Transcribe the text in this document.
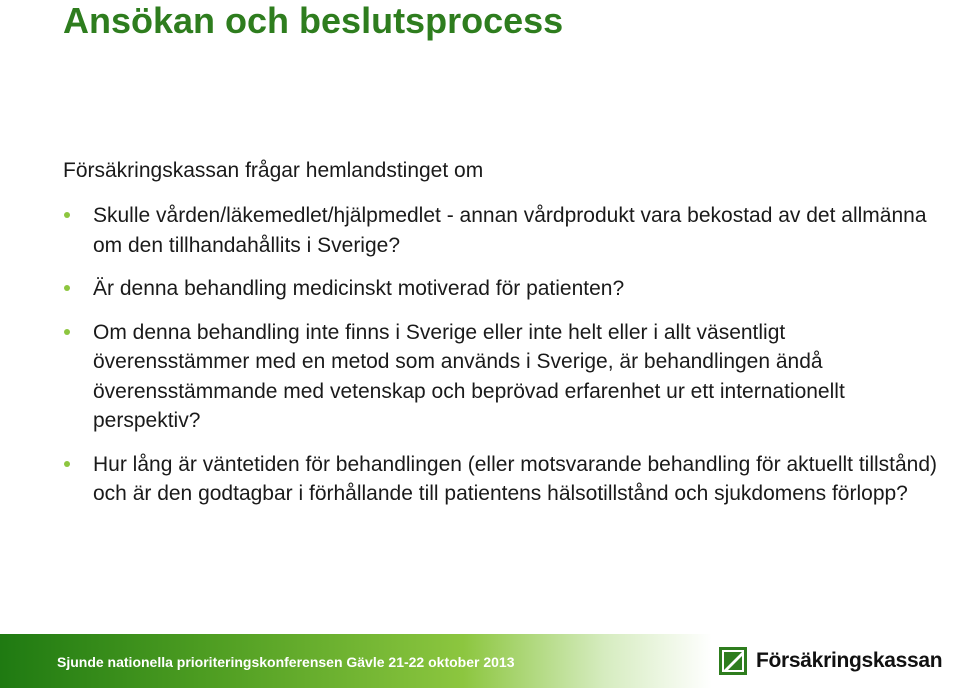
Ansökan och beslutsprocess

Försäkringskassan frågar hemlandstinget om

Skulle vården/läkemedlet/hjälpmedlet - annan vårdprodukt vara bekostad av det allmänna om den tillhandahållits i Sverige?
Är denna behandling medicinskt motiverad för patienten?
Om denna behandling inte finns i Sverige eller inte helt eller i allt väsentligt överensstämmer med en metod som används i Sverige, är behandlingen ändå överensstämmande med vetenskap och beprövad erfarenhet ur ett internationellt perspektiv?
Hur lång är väntetiden för behandlingen (eller motsvarande behandling för aktuellt tillstånd) och är den godtagbar i förhållande till patientens hälsotillstånd och sjukdomens förlopp?
Sjunde nationella prioriteringskonferensen Gävle 21-22 oktober 2013	Försäkringskassan
